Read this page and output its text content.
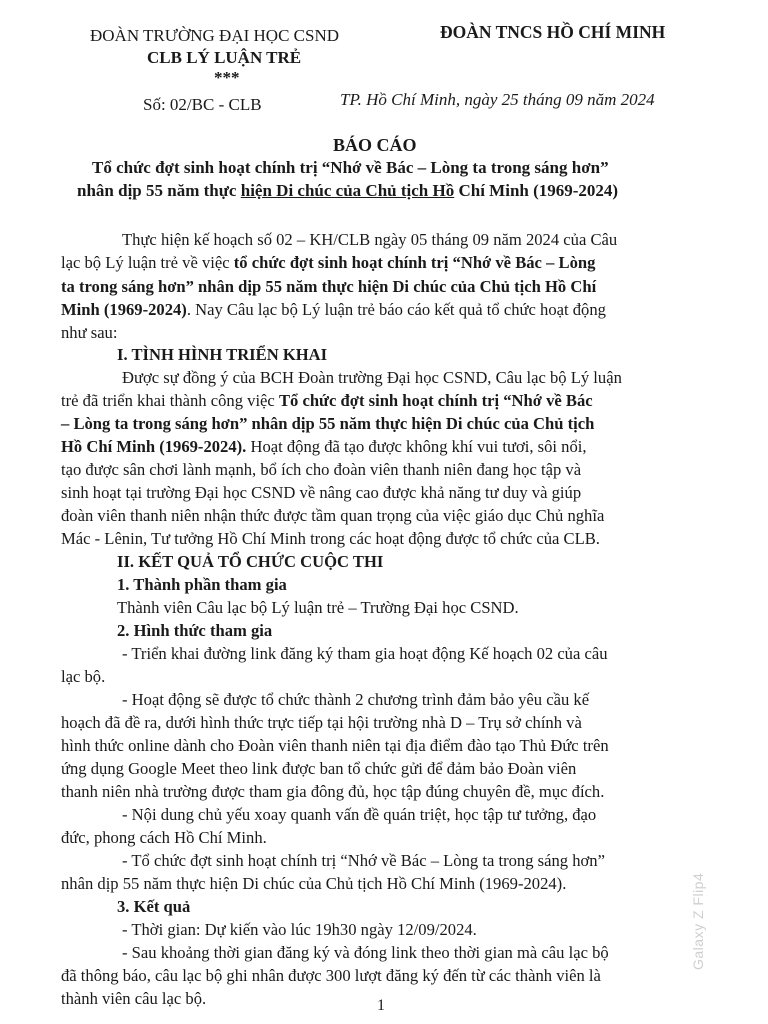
ĐOÀN TRƯỜNG ĐẠI HỌC CSND
CLB LÝ LUẬN TRẺ
***
ĐOÀN TNCS HỒ CHÍ MINH
Số: 02/BC - CLB	TP. Hồ Chí Minh, ngày 25 tháng 09 năm 2024
BÁO CÁO
Tổ chức đợt sinh hoạt chính trị “Nhớ về Bác – Lòng ta trong sáng hơn”
nhân dịp 55 năm thực hiện Di chúc của Chủ tịch Hồ Chí Minh (1969-2024)
Thực hiện kế hoạch số 02 – KH/CLB ngày 05 tháng 09 năm 2024 của Câu
lạc bộ Lý luận trẻ về việc tổ chức đợt sinh hoạt chính trị “Nhớ về Bác – Lòng
ta trong sáng hơn” nhân dịp 55 năm thực hiện Di chúc của Chủ tịch Hồ Chí
Minh (1969-2024). Nay Câu lạc bộ Lý luận trẻ báo cáo kết quả tổ chức hoạt động
như sau:
I. TÌNH HÌNH TRIỂN KHAI
Được sự đồng ý của BCH Đoàn trường Đại học CSND, Câu lạc bộ Lý luận
trẻ đã triển khai thành công việc Tổ chức đợt sinh hoạt chính trị “Nhớ về Bác
– Lòng ta trong sáng hơn” nhân dịp 55 năm thực hiện Di chúc của Chủ tịch
Hồ Chí Minh (1969-2024). Hoạt động đã tạo được không khí vui tươi, sôi nổi,
tạo được sân chơi lành mạnh, bổ ích cho đoàn viên thanh niên đang học tập và
sinh hoạt tại trường Đại học CSND về nâng cao được khả năng tư duy và giúp
đoàn viên thanh niên nhận thức được tầm quan trọng của việc giáo dục Chủ nghĩa
Mác - Lênin, Tư tưởng Hồ Chí Minh trong các hoạt động được tổ chức của CLB.
II. KẾT QUẢ TỔ CHỨC CUỘC THI
1. Thành phần tham gia
Thành viên Câu lạc bộ Lý luận trẻ – Trường Đại học CSND.
2. Hình thức tham gia
- Triển khai đường link đăng ký tham gia hoạt động Kế hoạch 02 của câu
lạc bộ.
- Hoạt động sẽ được tổ chức thành 2 chương trình đảm bảo yêu cầu kế
hoạch đã đề ra, dưới hình thức trực tiếp tại hội trường nhà D – Trụ sở chính và
hình thức online dành cho Đoàn viên thanh niên tại địa điểm đào tạo Thủ Đức trên
ứng dụng Google Meet theo link được ban tổ chức gửi để đảm bảo Đoàn viên
thanh niên nhà trường được tham gia đông đủ, học tập đúng chuyên đề, mục đích.
- Nội dung chủ yếu xoay quanh vấn đề quán triệt, học tập tư tưởng, đạo
đức, phong cách Hồ Chí Minh.
- Tổ chức đợt sinh hoạt chính trị “Nhớ về Bác – Lòng ta trong sáng hơn”
nhân dịp 55 năm thực hiện Di chúc của Chủ tịch Hồ Chí Minh (1969-2024).
3. Kết quả
- Thời gian: Dự kiến vào lúc 19h30 ngày 12/09/2024.
- Sau khoảng thời gian đăng ký và đóng link theo thời gian mà câu lạc bộ
đã thông báo, câu lạc bộ ghi nhân được 300 lượt đăng ký đến từ các thành viên là
thành viên câu lạc bộ.	1
Galaxy Z Flip4
